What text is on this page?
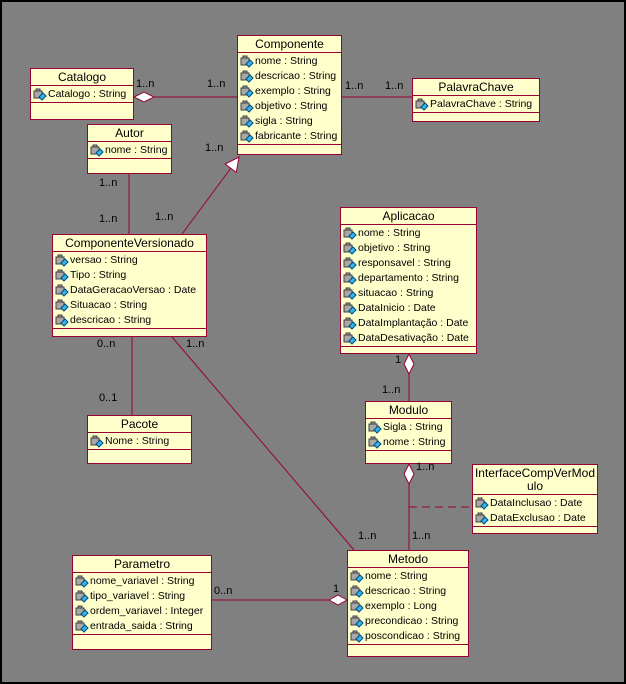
Componente
nome : String
descricao : String
exemplo : String
objetivo : String
sigla : String
fabricante : String
Catalogo
Catalogo : String	PalavraChave
PalavraChave : String
Autor
nome : String
ComponenteVersionado
versao : String
Tipo : String
DataGeracaoVersao : Date
Situacao : String
descricao : String
Aplicacao
nome : String
objetivo : String
responsavel : String
departamento : String
situacao : String
DataInicio : Date
DataImplantação : Date
DataDesativação : Date
Modulo
Sigla : String
nome : String
Pacote
Nome : String
InterfaceCompVerModulo
DataInclusao : Date
DataExclusao : Date
Parametro
nome_variavel : String
tipo_variavel : String
ordem_variavel : Integer
entrada_saida : String
Metodo
nome : String
descricao : String
exemplo : Long
precondicao : String
poscondicao : String
1..n	1..n	1..n 1..n
1..n
1..n
1..n
1..n
0..n
0..1
1..n
1..n
1
1..n
1..n
1..n
0..n	1
